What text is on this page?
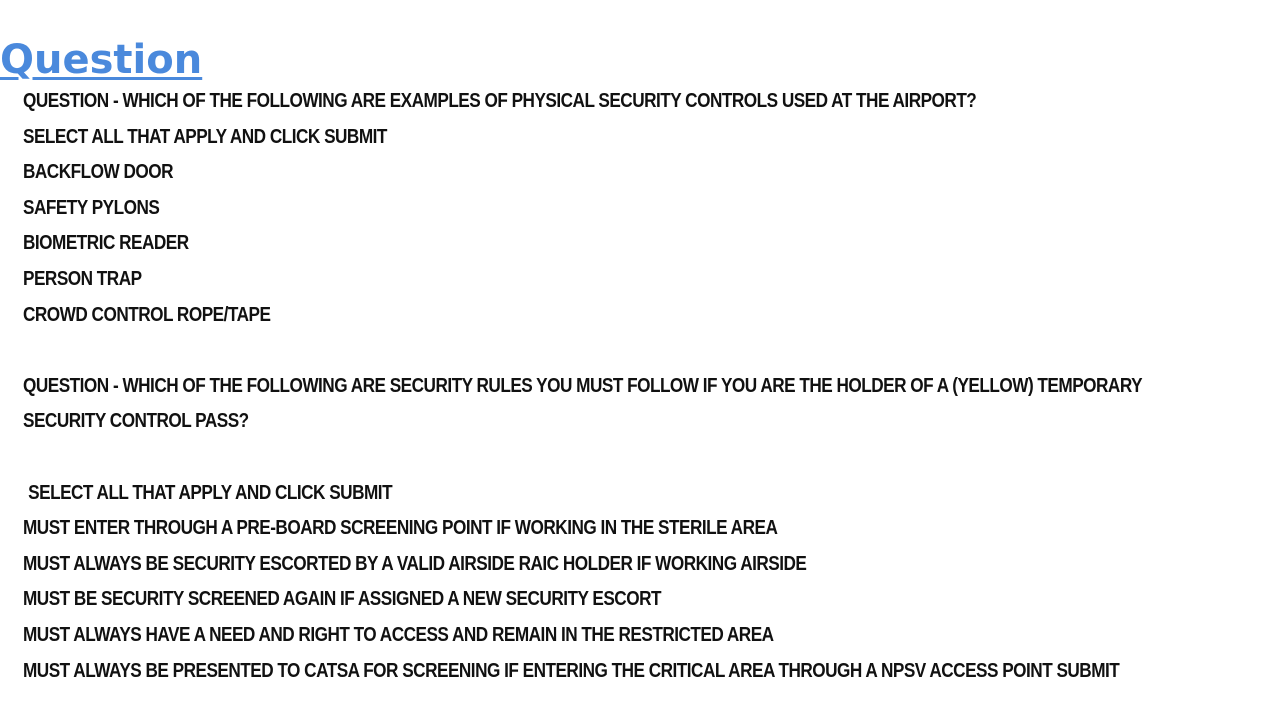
Question
QUESTION - WHICH OF THE FOLLOWING ARE EXAMPLES OF PHYSICAL SECURITY CONTROLS USED AT THE AIRPORT?
SELECT ALL THAT APPLY AND CLICK SUBMIT
BACKFLOW DOOR
SAFETY PYLONS
BIOMETRIC READER
PERSON TRAP
CROWD CONTROL ROPE/TAPE
QUESTION - WHICH OF THE FOLLOWING ARE SECURITY RULES YOU MUST FOLLOW IF YOU ARE THE HOLDER OF A (YELLOW) TEMPORARY SECURITY CONTROL PASS?
SELECT ALL THAT APPLY AND CLICK SUBMIT
MUST ENTER THROUGH A PRE-BOARD SCREENING POINT IF WORKING IN THE STERILE AREA
MUST ALWAYS BE SECURITY ESCORTED BY A VALID AIRSIDE RAIC HOLDER IF WORKING AIRSIDE
MUST BE SECURITY SCREENED AGAIN IF ASSIGNED A NEW SECURITY ESCORT
MUST ALWAYS HAVE A NEED AND RIGHT TO ACCESS AND REMAIN IN THE RESTRICTED AREA
MUST ALWAYS BE PRESENTED TO CATSA FOR SCREENING IF ENTERING THE CRITICAL AREA THROUGH A NPSV ACCESS POINT SUBMIT
